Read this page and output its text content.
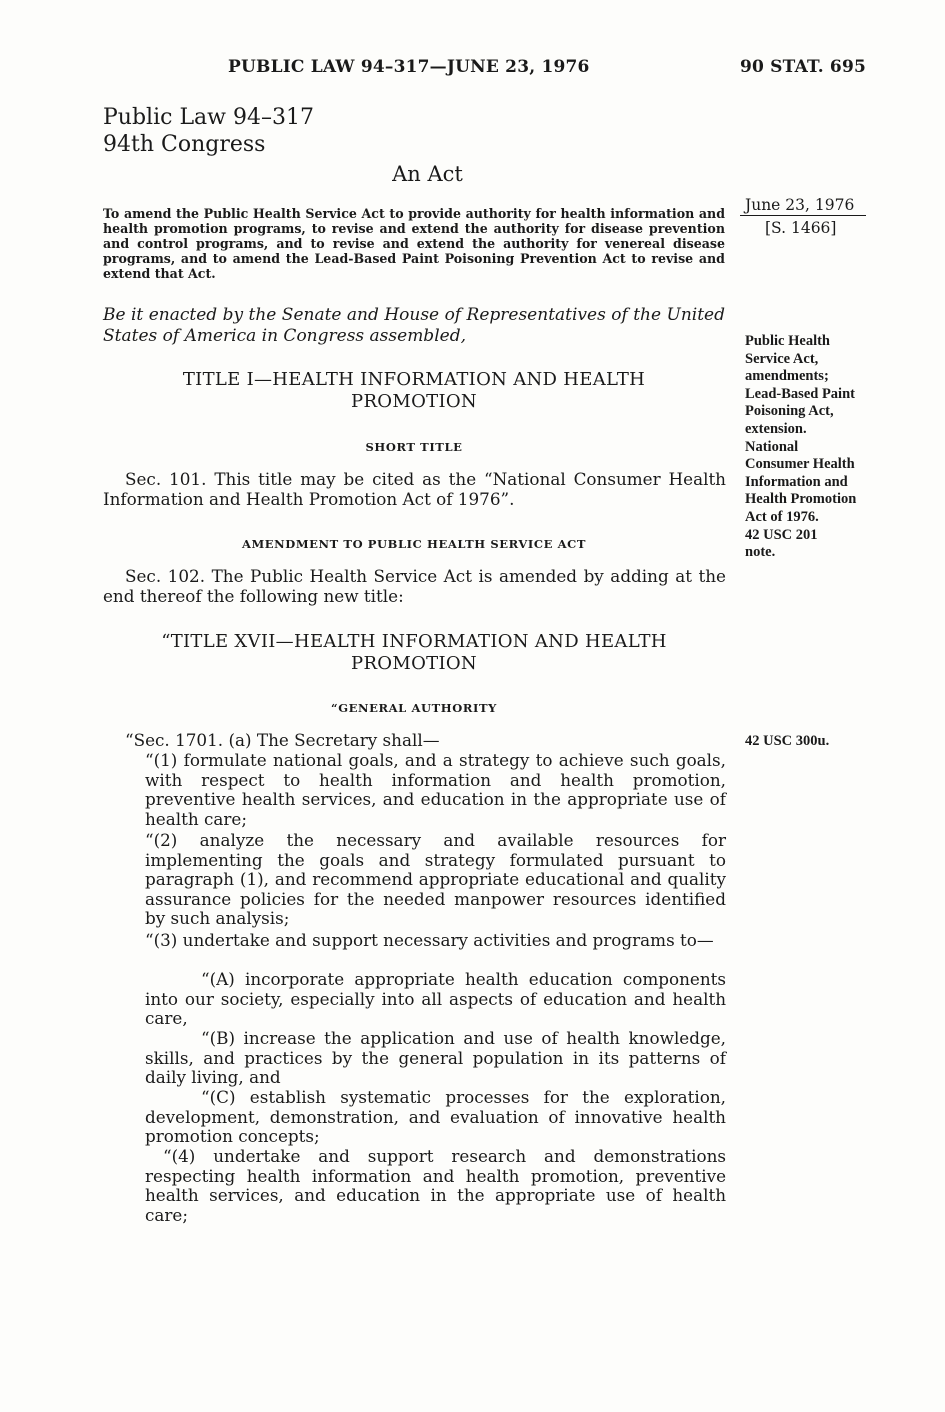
PUBLIC LAW 94–317—JUNE 23, 1976	90 STAT. 695
Public Law 94–317
94th Congress
An Act
To amend the Public Health Service Act to provide authority for health information and health promotion programs, to revise and extend the authority for disease prevention and control programs, and to revise and extend the authority for venereal disease programs, and to amend the Lead-Based Paint Poisoning Prevention Act to revise and extend that Act.
June 23, 1976
[S. 1466]
Be it enacted by the Senate and House of Representatives of the United States of America in Congress assembled,	Public Health
Service Act,
amendments;
Lead-Based Paint
Poisoning Act,
extension.
National
Consumer Health
Information and
Health Promotion
Act of 1976.
42 USC 201
note.
42 USC 300u.
TITLE I—HEALTH INFORMATION AND HEALTH
PROMOTION
SHORT TITLE
Sec. 101. This title may be cited as the “National Consumer Health Information and Health Promotion Act of 1976”.
AMENDMENT TO PUBLIC HEALTH SERVICE ACT
Sec. 102. The Public Health Service Act is amended by adding at the end thereof the following new title:
“TITLE XVII—HEALTH INFORMATION AND HEALTH
PROMOTION
“GENERAL AUTHORITY
“Sec. 1701. (a) The Secretary shall—
“(1) formulate national goals, and a strategy to achieve such goals, with respect to health information and health promotion, preventive health services, and education in the appropriate use of health care;
“(2) analyze the necessary and available resources for implementing the goals and strategy formulated pursuant to paragraph (1), and recommend appropriate educational and quality assurance policies for the needed manpower resources identified by such analysis;
“(3) undertake and support necessary activities and programs to—
“(A) incorporate appropriate health education components into our society, especially into all aspects of education and health care,
“(B) increase the application and use of health knowledge, skills, and practices by the general population in its patterns of daily living, and
“(C) establish systematic processes for the exploration, development, demonstration, and evaluation of innovative health promotion concepts;
“(4) undertake and support research and demonstrations respecting health information and health promotion, preventive health services, and education in the appropriate use of health care;
